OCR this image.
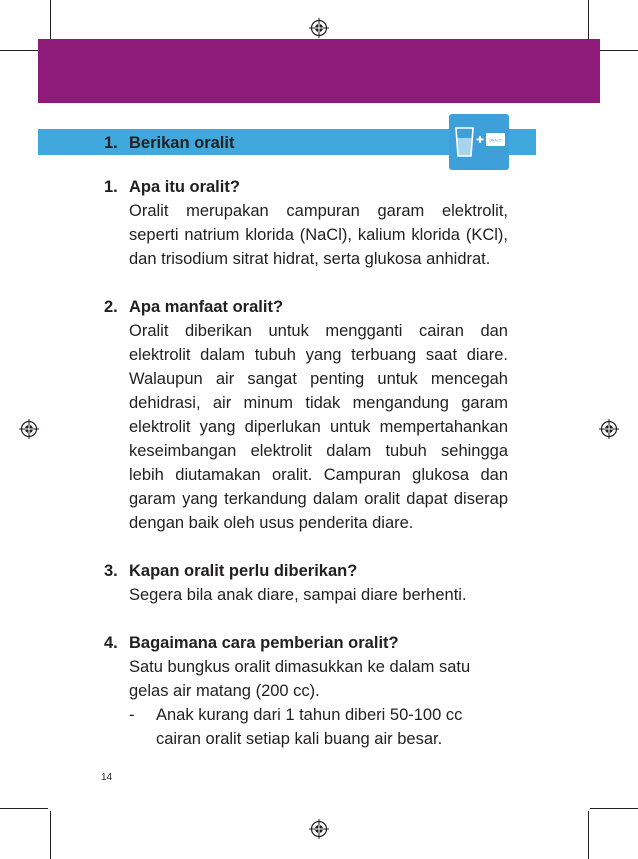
1. Berikan oralit	ORALIT
1. Apa itu oralit?
Oralit merupakan campuran garam elektrolit, seperti natrium klorida (NaCl), kalium klorida (KCl), dan trisodium sitrat hidrat, serta glukosa anhidrat.
2. Apa manfaat oralit?
Oralit diberikan untuk mengganti cairan dan elektrolit dalam tubuh yang terbuang saat diare. Walaupun air sangat penting untuk mencegah dehidrasi, air minum tidak mengandung garam elektrolit yang diperlukan untuk mempertahankan keseimbangan elektrolit dalam tubuh sehingga lebih diutamakan oralit. Campuran glukosa dan garam yang terkandung dalam oralit dapat diserap dengan baik oleh usus penderita diare.
3. Kapan oralit perlu diberikan?
Segera bila anak diare, sampai diare berhenti.
4. Bagaimana cara pemberian oralit?
Satu bungkus oralit dimasukkan ke dalam satu gelas air matang (200 cc).
- Anak kurang dari 1 tahun diberi 50-100 cc cairan oralit setiap kali buang air besar.
14
